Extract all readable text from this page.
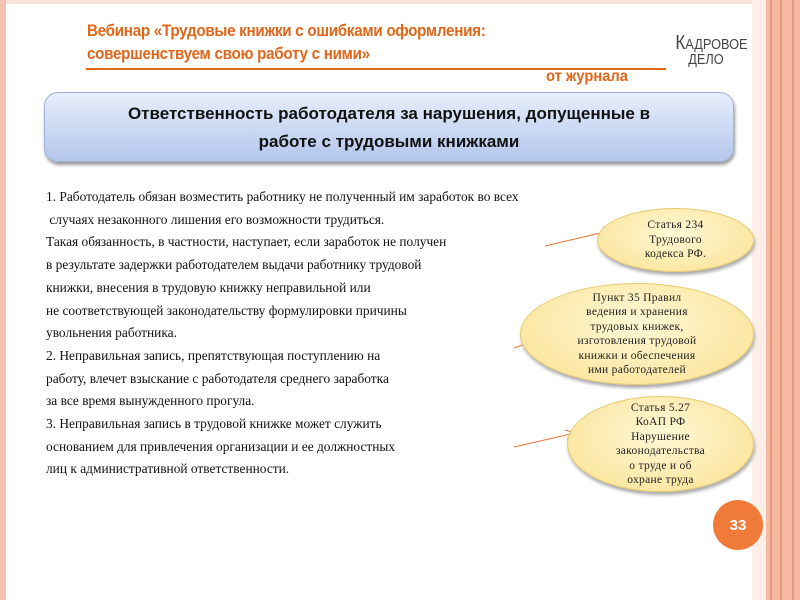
Вебинар «Трудовые книжки с ошибками оформления:
совершенствуем свою работу с ними»
от журнала
КАДРОВОЕ
ДЕЛО
Ответственность работодателя за нарушения, допущенные в
работе с трудовыми книжками
1. Работодатель обязан возместить работнику не полученный им заработок во всех
случаях незаконного лишения его возможности трудиться.
Такая обязанность, в частности, наступает, если заработок не получен
в результате задержки работодателем выдачи работнику трудовой
книжки, внесения в трудовую книжку неправильной или
не соответствующей законодательству формулировки причины
увольнения работника.
2. Неправильная запись, препятствующая поступлению на
работу, влечет взыскание с работодателя среднего заработка
за все время вынужденного прогула.
3. Неправильная запись в трудовой книжке может служить
основанием для привлечения организации и ее должностных
лиц к административной ответственности.
Статья 234
Трудового
кодекса РФ.
Пункт 35 Правил
ведения и хранения
трудовых книжек,
изготовления трудовой
книжки и обеспечения
ими работодателей
Статья 5.27
КоАП РФ
Нарушение
законодательства
о труде и об
охране труда
33
